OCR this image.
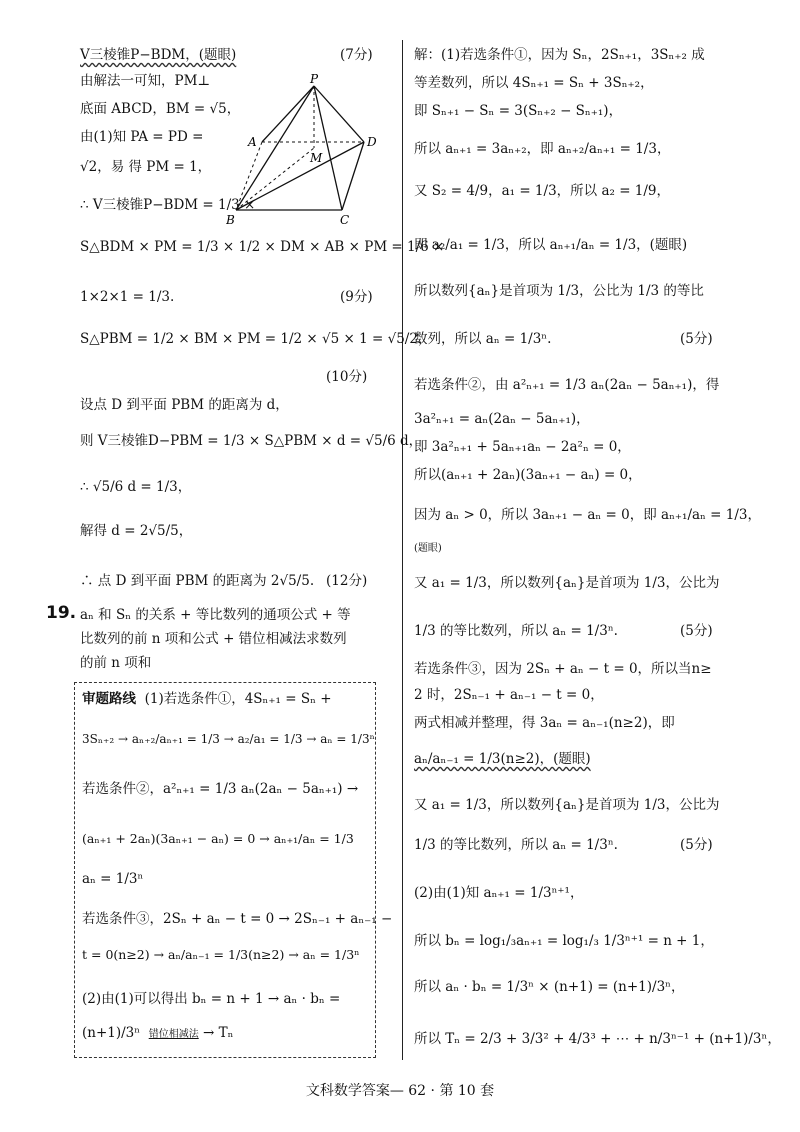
V三棱锥P−BDM，(题眼)	(7分)
由解法一可知，PM⊥
底面 ABCD，BM = √5，
由(1)知 PA = PD =
√2，易 得 PM = 1，
∴ V三棱锥P−BDM = 1/3 ×
S△BDM × PM = 1/3 × 1/2 × DM × AB × PM = 1/6 ×
1×2×1 = 1/3.	(9分)
S△PBM = 1/2 × BM × PM = 1/2 × √5 × 1 = √5/2，
(10分)
设点 D 到平面 PBM 的距离为 d，
则 V三棱锥D−PBM = 1/3 × S△PBM × d = √5/6 d，
∴ √5/6 d = 1/3，
解得 d = 2√5/5，
∴ 点 D 到平面 PBM 的距离为 2√5/5. (12分)
19. aₙ 和 Sₙ 的关系 + 等比数列的通项公式 + 等
比数列的前 n 项和公式 + 错位相减法求数列
的前 n 项和
P
A
M
D
B	C
审题路线 (1)若选条件①，4Sₙ₊₁ = Sₙ +
3Sₙ₊₂ → aₙ₊₂/aₙ₊₁ = 1/3 → a₂/a₁ = 1/3 → aₙ = 1/3ⁿ
若选条件②，a²ₙ₊₁ = 1/3 aₙ(2aₙ − 5aₙ₊₁) →
(aₙ₊₁ + 2aₙ)(3aₙ₊₁ − aₙ) = 0 → aₙ₊₁/aₙ = 1/3
aₙ = 1/3ⁿ
若选条件③，2Sₙ + aₙ − t = 0 → 2Sₙ₋₁ + aₙ₋₁ −
t = 0(n≥2) → aₙ/aₙ₋₁ = 1/3(n≥2) → aₙ = 1/3ⁿ
(2)由(1)可以得出 bₙ = n + 1 → aₙ · bₙ =
(n+1)/3ⁿ 错位相减法 → Tₙ
解：(1)若选条件①，因为 Sₙ，2Sₙ₊₁，3Sₙ₊₂ 成
等差数列，所以 4Sₙ₊₁ = Sₙ + 3Sₙ₊₂，
即 Sₙ₊₁ − Sₙ = 3(Sₙ₊₂ − Sₙ₊₁)，
所以 aₙ₊₁ = 3aₙ₊₂，即 aₙ₊₂/aₙ₊₁ = 1/3，
又 S₂ = 4/9，a₁ = 1/3，所以 a₂ = 1/9，
即 a₂/a₁ = 1/3，所以 aₙ₊₁/aₙ = 1/3，(题眼)
所以数列{aₙ}是首项为 1/3，公比为 1/3 的等比
数列，所以 aₙ = 1/3ⁿ.	(5分)
若选条件②，由 a²ₙ₊₁ = 1/3 aₙ(2aₙ − 5aₙ₊₁)，得
3a²ₙ₊₁ = aₙ(2aₙ − 5aₙ₊₁)，
即 3a²ₙ₊₁ + 5aₙ₊₁aₙ − 2a²ₙ = 0，
所以(aₙ₊₁ + 2aₙ)(3aₙ₊₁ − aₙ) = 0，
因为 aₙ > 0，所以 3aₙ₊₁ − aₙ = 0，即 aₙ₊₁/aₙ = 1/3，
(题眼)
又 a₁ = 1/3，所以数列{aₙ}是首项为 1/3，公比为
1/3 的等比数列，所以 aₙ = 1/3ⁿ.	(5分)
若选条件③，因为 2Sₙ + aₙ − t = 0，所以当n≥
2 时，2Sₙ₋₁ + aₙ₋₁ − t = 0，
两式相减并整理，得 3aₙ = aₙ₋₁(n≥2)，即
aₙ/aₙ₋₁ = 1/3(n≥2)，(题眼)
又 a₁ = 1/3，所以数列{aₙ}是首项为 1/3，公比为
1/3 的等比数列，所以 aₙ = 1/3ⁿ.	(5分)
(2)由(1)知 aₙ₊₁ = 1/3ⁿ⁺¹，
所以 bₙ = log₁/₃aₙ₊₁ = log₁/₃ 1/3ⁿ⁺¹ = n + 1，
所以 aₙ · bₙ = 1/3ⁿ × (n+1) = (n+1)/3ⁿ，
所以 Tₙ = 2/3 + 3/3² + 4/3³ + ⋯ + n/3ⁿ⁻¹ + (n+1)/3ⁿ，
文科数学答案— 62 · 第 10 套
